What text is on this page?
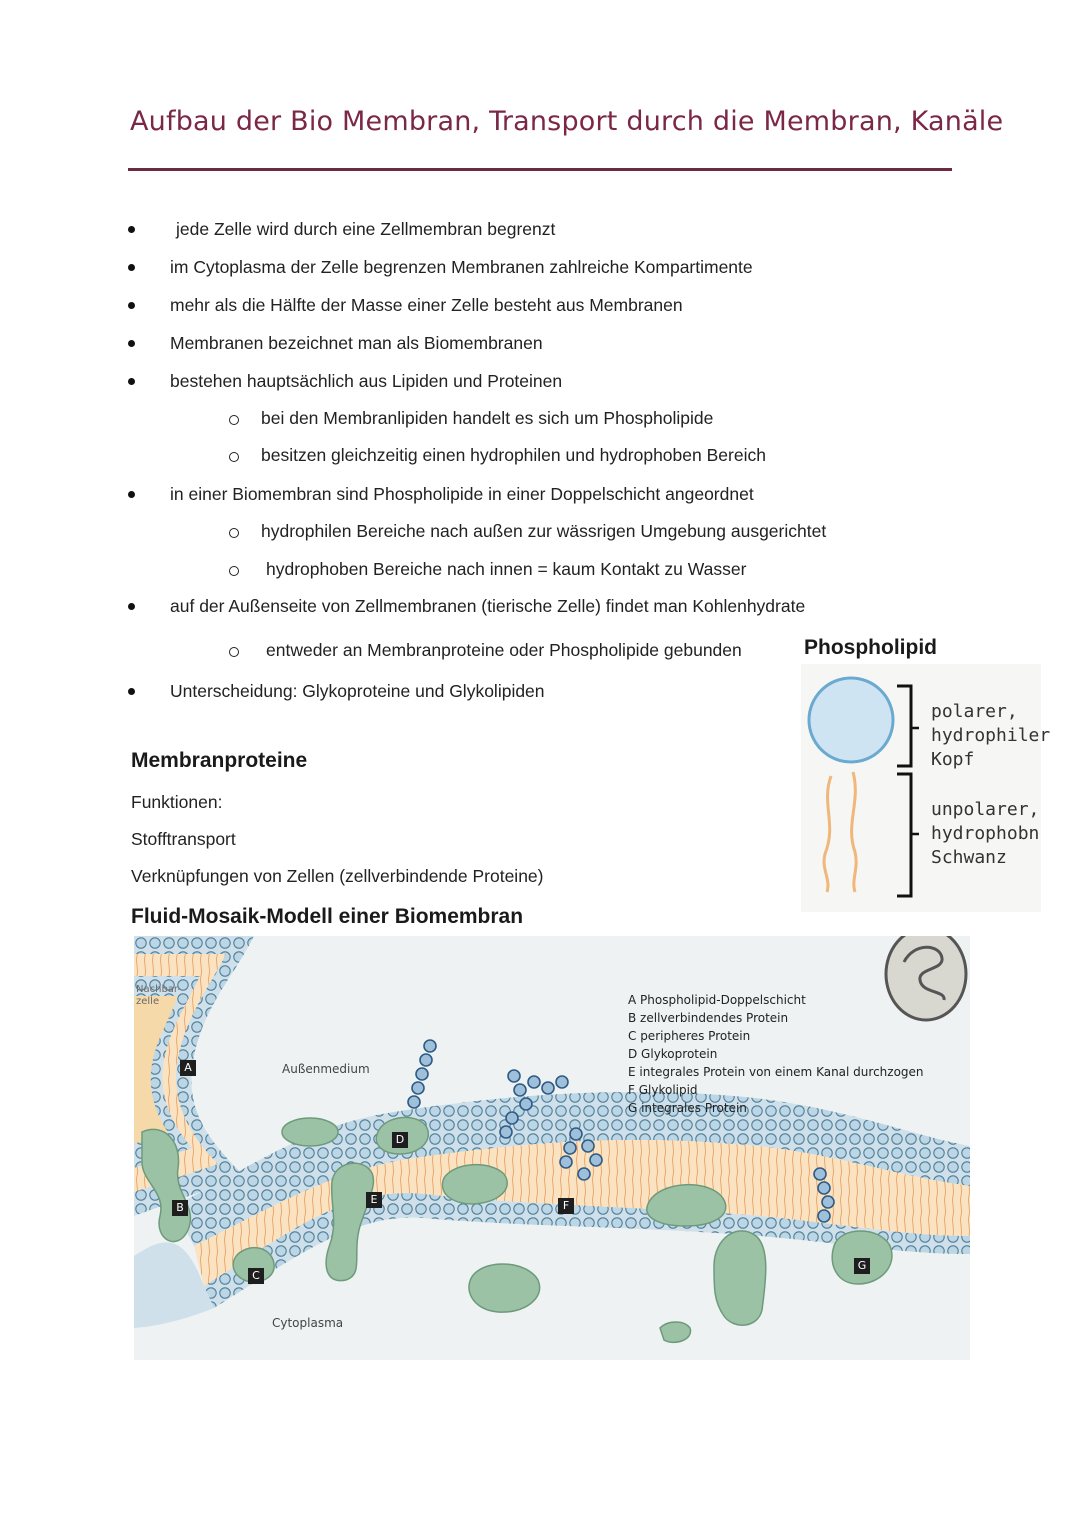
Aufbau der Bio Membran, Transport durch die Membran, Kanäle
jede Zelle wird durch eine Zellmembran begrenzt
im Cytoplasma der Zelle begrenzen Membranen zahlreiche Kompartimente
mehr als die Hälfte der Masse einer Zelle besteht aus Membranen
Membranen bezeichnet man als Biomembranen
bestehen hauptsächlich aus Lipiden und Proteinen
bei den Membranlipiden handelt es sich um Phospholipide
besitzen gleichzeitig einen hydrophilen und hydrophoben Bereich
in einer Biomembran sind Phospholipide in einer Doppelschicht angeordnet
hydrophilen Bereiche nach außen zur wässrigen Umgebung ausgerichtet
hydrophoben Bereiche nach innen = kaum Kontakt zu Wasser
auf der Außenseite von Zellmembranen (tierische Zelle) findet man Kohlenhydrate
entweder an Membranproteine oder Phospholipide gebunden
Unterscheidung: Glykoproteine und Glykolipiden
Phospholipid
polarer,
hydrophiler
Kopf
unpolarer,
hydrophobn
Schwanz
Membranproteine
Funktionen:
Stofftransport
Verknüpfungen von Zellen (zellverbindende Proteine)
Fluid-Mosaik-Modell einer Biomembran
A
B
C
D
E	F
G
Nachbar-
zelle
Außenmedium
Cytoplasma
A Phospholipid-Doppelschicht
B zellverbindendes Protein
C peripheres Protein
D Glykoprotein
E integrales Protein von einem Kanal durchzogen
F Glykolipid
G integrales Protein
